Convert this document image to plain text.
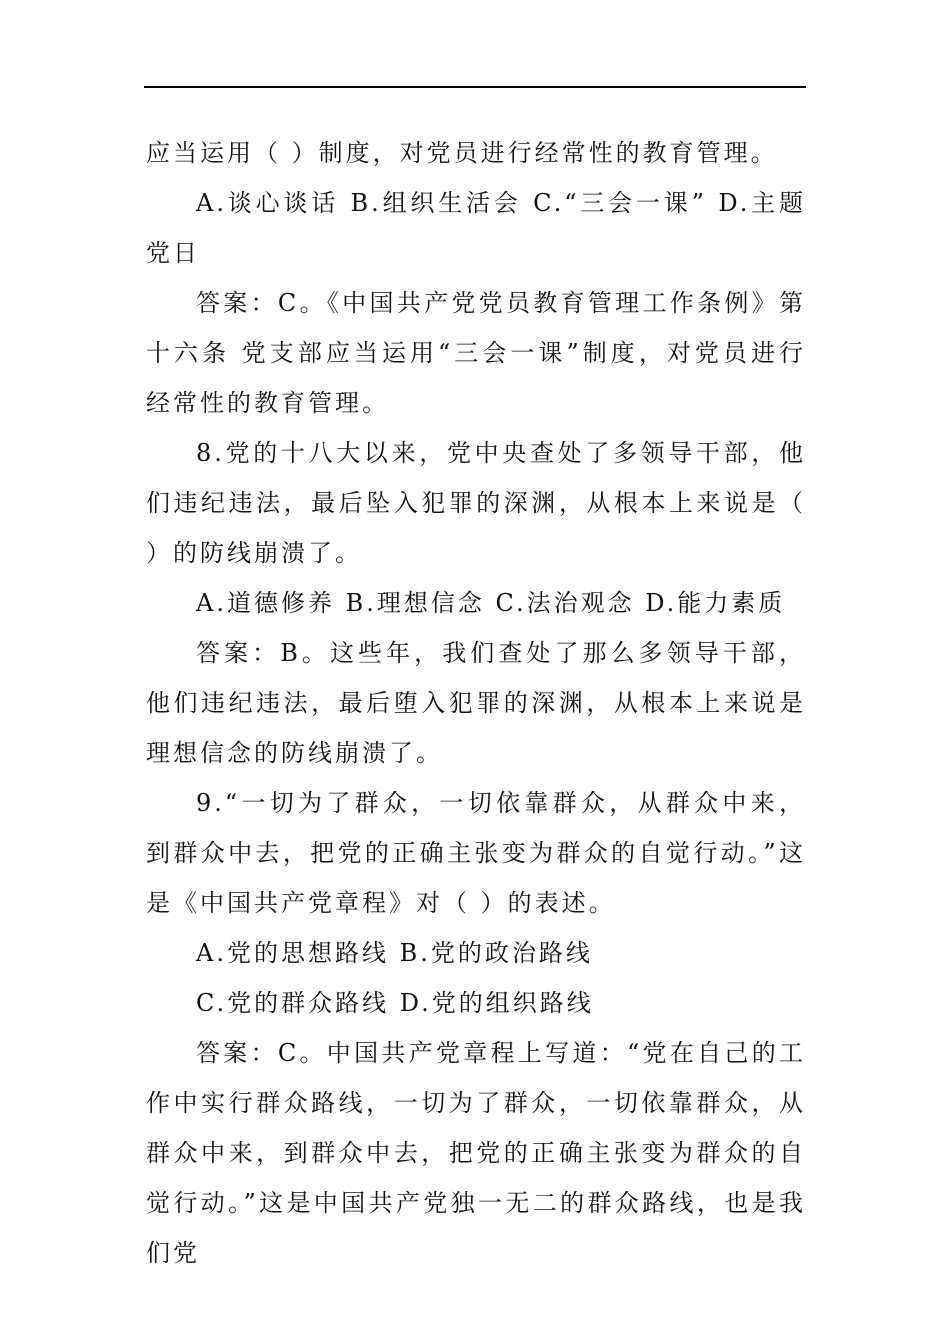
应当运用（ ）制度，对党员进行经常性的教育管理。

A.谈心谈话 B.组织生活会 C.“三会一课” D.主题党日

答案：C。《中国共产党党员教育管理工作条例》第十六条 党支部应当运用“三会一课”制度，对党员进行经常性的教育管理。

8.党的十八大以来，党中央查处了多领导干部，他们违纪违法，最后坠入犯罪的深渊，从根本上来说是（ ）的防线崩溃了。

A.道德修养 B.理想信念 C.法治观念 D.能力素质

答案：B。这些年，我们查处了那么多领导干部，他们违纪违法，最后堕入犯罪的深渊，从根本上来说是理想信念的防线崩溃了。

9.“一切为了群众，一切依靠群众，从群众中来，到群众中去，把党的正确主张变为群众的自觉行动。”这是《中国共产党章程》对（ ）的表述。

A.党的思想路线 B.党的政治路线

C.党的群众路线 D.党的组织路线

答案：C。中国共产党章程上写道：“党在自己的工作中实行群众路线，一切为了群众，一切依靠群众，从群众中来，到群众中去，把党的正确主张变为群众的自觉行动。”这是中国共产党独一无二的群众路线，也是我们党
